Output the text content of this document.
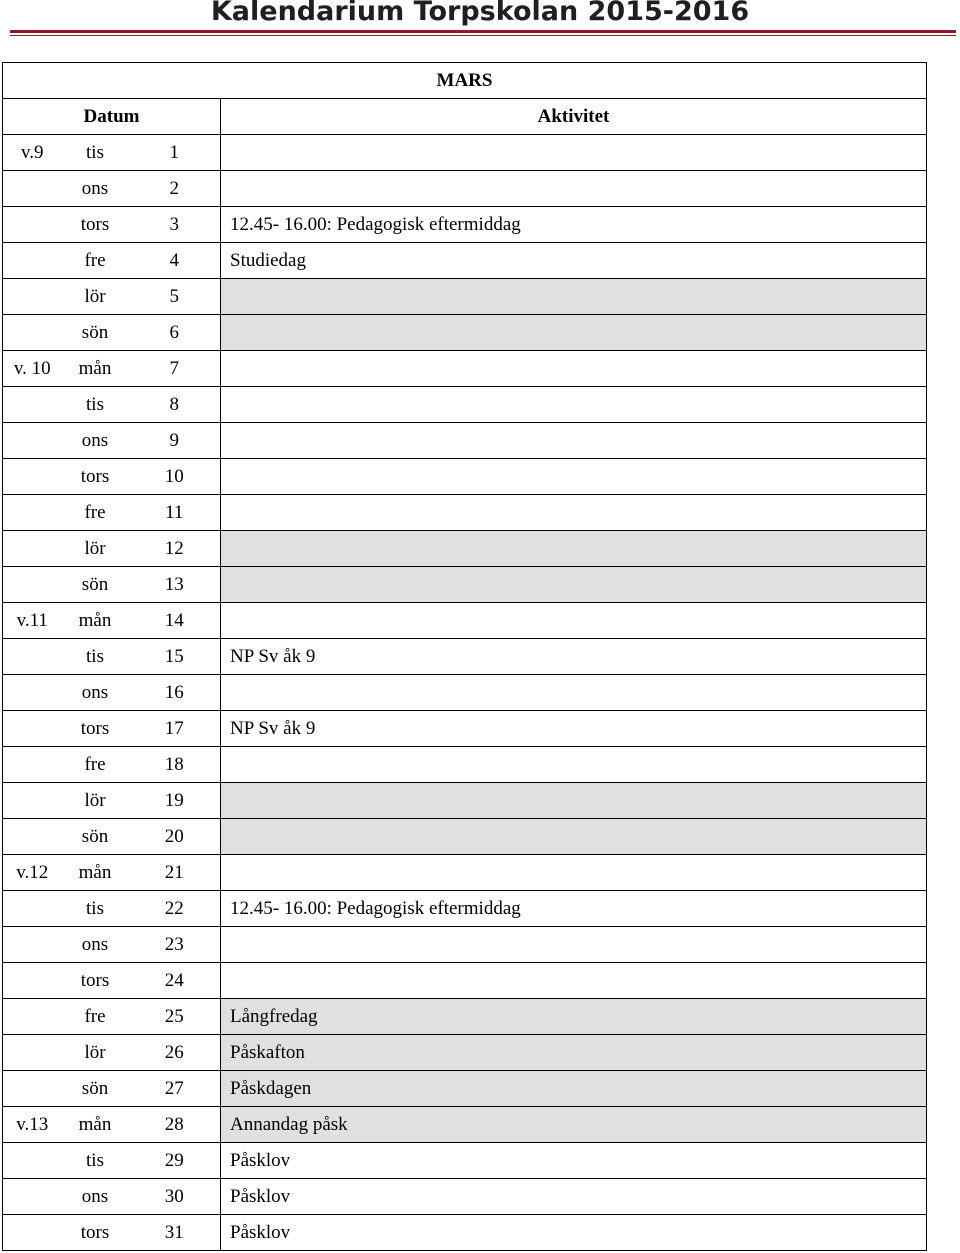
Kalendarium Torpskolan 2015-2016
MARS			
Datum			Aktivitet
v.9	tis	1	
	ons	2	
	tors	3	12.45- 16.00: Pedagogisk eftermiddag
	fre	4	Studiedag
	lör	5	
	sön	6	
v. 10	mån	7	
	tis	8	
	ons	9	
	tors	10	
	fre	11	
	lör	12	
	sön	13	
v.11	mån	14	
	tis	15	NP Sv åk 9
	ons	16	
	tors	17	NP Sv åk 9
	fre	18	
	lör	19	
	sön	20	
v.12	mån	21	
	tis	22	12.45- 16.00: Pedagogisk eftermiddag
	ons	23	
	tors	24	
	fre	25	Långfredag
	lör	26	Påskafton
	sön	27	Påskdagen
v.13	mån	28	Annandag påsk
	tis	29	Påsklov
	ons	30	Påsklov
	tors	31	Påsklov
